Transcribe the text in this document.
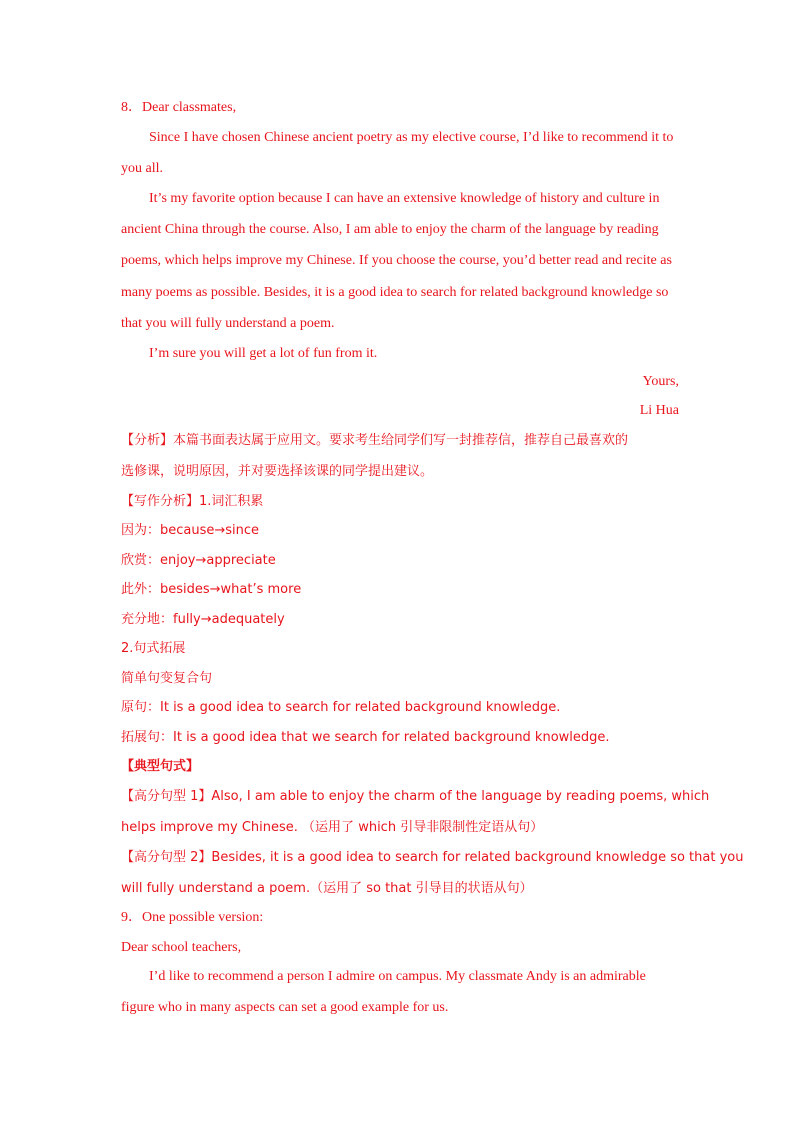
8．Dear classmates,
Since I have chosen Chinese ancient poetry as my elective course, I’d like to recommend it to
you all.
It’s my favorite option because I can have an extensive knowledge of history and culture in
ancient China through the course. Also, I am able to enjoy the charm of the language by reading
poems, which helps improve my Chinese. If you choose the course, you’d better read and recite as
many poems as possible. Besides, it is a good idea to search for related background knowledge so
that you will fully understand a poem.
I’m sure you will get a lot of fun from it.
Yours,
Li Hua
【分析】本篇书面表达属于应用文。要求考生给同学们写一封推荐信，推荐自己最喜欢的
选修课，说明原因，并对要选择该课的同学提出建议。
【写作分析】1.词汇积累
因为：because→since
欣赏：enjoy→appreciate
此外：besides→what’s more
充分地：fully→adequately
2.句式拓展
简单句变复合句
原句：It is a good idea to search for related background knowledge.
拓展句：It is a good idea that we search for related background knowledge.
【典型句式】
【高分句型 1】Also, I am able to enjoy the charm of the language by reading poems, which
helps improve my Chinese. （运用了 which 引导非限制性定语从句）
【高分句型 2】Besides, it is a good idea to search for related background knowledge so that you
will fully understand a poem.（运用了 so that 引导目的状语从句）
9．One possible version:
Dear school teachers,
I’d like to recommend a person I admire on campus. My classmate Andy is an admirable
figure who in many aspects can set a good example for us.
